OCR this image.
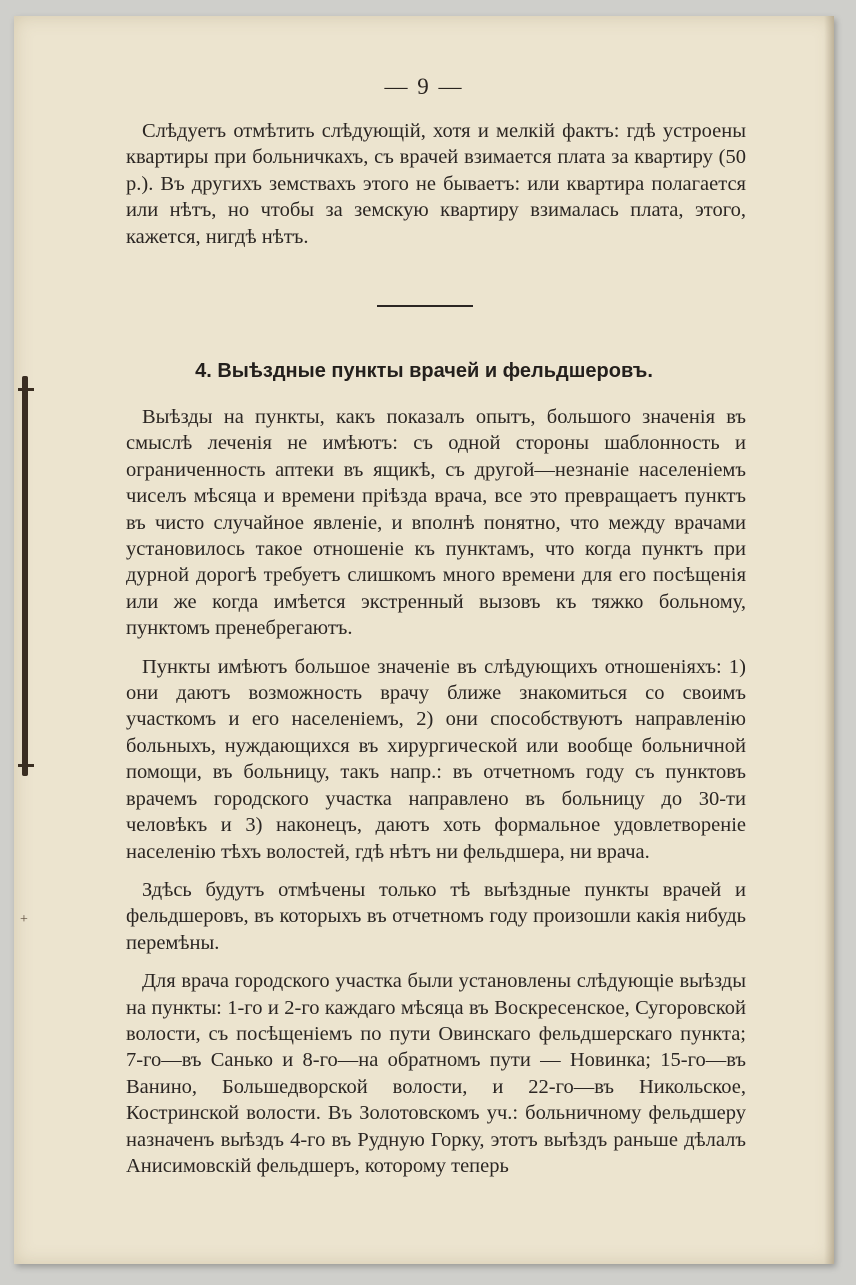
+
— 9 —

Слѣдуетъ отмѣтить слѣдующій, хотя и мелкій фактъ: гдѣ устроены квартиры при больничкахъ, съ врачей взимается плата за квартиру (50 р.). Въ другихъ земствахъ этого не бываетъ: или квартира полагается или нѣтъ, но чтобы за земскую квартиру взималась плата, этого, кажется, нигдѣ нѣтъ.

4. Выѣздные пункты врачей и фельдшеровъ.

Выѣзды на пункты, какъ показалъ опытъ, большого значенія въ смыслѣ леченія не имѣютъ: съ одной стороны шаблонность и ограниченность аптеки въ ящикѣ, съ другой—незнаніе населеніемъ чиселъ мѣсяца и времени пріѣзда врача, все это превращаетъ пунктъ въ чисто случайное явленіе, и вполнѣ понятно, что между врачами установилось такое отношеніе къ пунктамъ, что когда пунктъ при дурной дорогѣ требуетъ слишкомъ много времени для его посѣщенія или же когда имѣется экстренный вызовъ къ тяжко больному, пунктомъ пренебрегаютъ.

Пункты имѣютъ большое значеніе въ слѣдующихъ отношеніяхъ: 1) они даютъ возможность врачу ближе знакомиться со своимъ участкомъ и его населеніемъ, 2) они способствуютъ направленію больныхъ, нуждающихся въ хирургической или вообще больничной помощи, въ больницу, такъ напр.: въ отчетномъ году съ пунктовъ врачемъ городского участка направлено въ больницу до 30-ти человѣкъ и 3) наконецъ, даютъ хоть формальное удовлетвореніе населенію тѣхъ волостей, гдѣ нѣтъ ни фельдшера, ни врача.

Здѣсь будутъ отмѣчены только тѣ выѣздные пункты врачей и фельдшеровъ, въ которыхъ въ отчетномъ году произошли какія нибудь перемѣны.

Для врача городского участка были установлены слѣдующіе выѣзды на пункты: 1-го и 2-го каждаго мѣсяца въ Воскресенское, Сугоровской волости, съ посѣщеніемъ по пути Овинскаго фельдшерскаго пункта; 7-го—въ Санько и 8-го—на обратномъ пути — Новинка; 15-го—въ Ванино, Большедворской волости, и 22-го—въ Никольское, Костринской волости. Въ Золотовскомъ уч.: больничному фельдшеру назначенъ выѣздъ 4-го въ Рудную Горку, этотъ выѣздъ раньше дѣлалъ Анисимовскій фельдшеръ, которому теперь
